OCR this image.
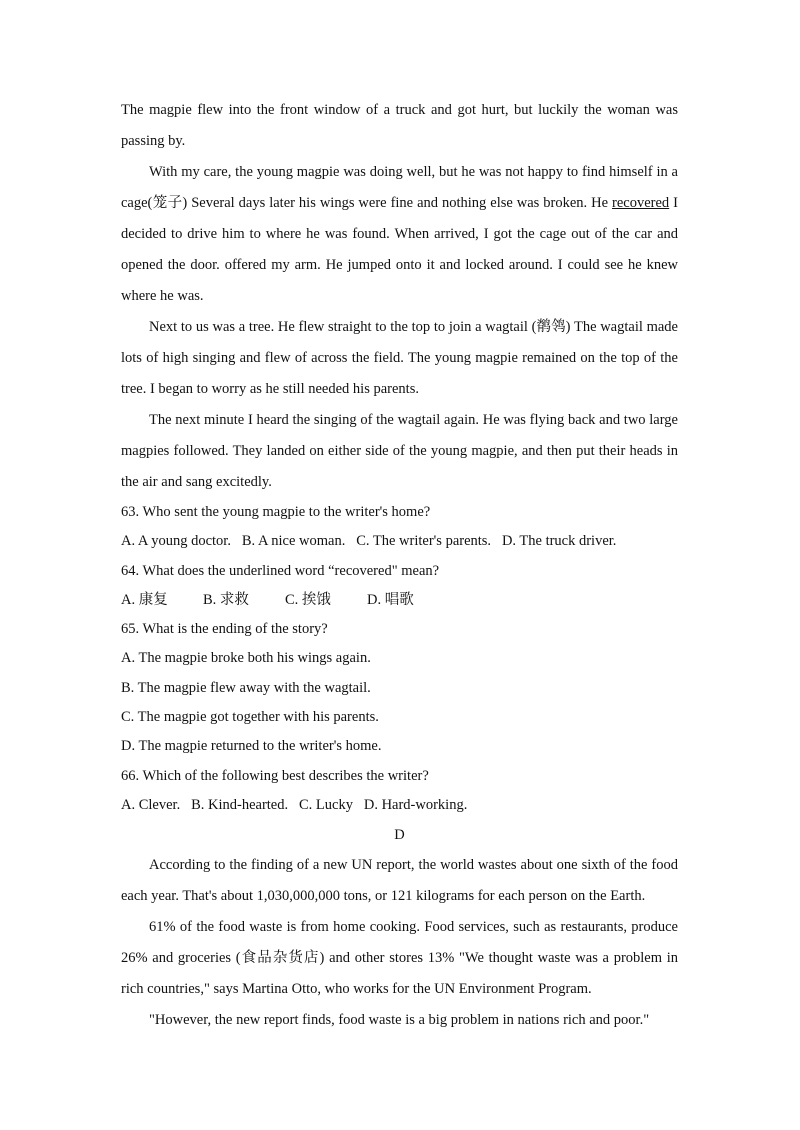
The magpie flew into the front window of a truck and got hurt, but luckily the woman was passing by.

With my care, the young magpie was doing well, but he was not happy to find himself in a cage(笼子) Several days later his wings were fine and nothing else was broken. He recovered I decided to drive him to where he was found. When arrived, I got the cage out of the car and opened the door. offered my arm. He jumped onto it and locked around. I could see he knew where he was.

Next to us was a tree. He flew straight to the top to join a wagtail (鹡鸰) The wagtail made lots of high singing and flew of across the field. The young magpie remained on the top of the tree. I began to worry as he still needed his parents.

The next minute I heard the singing of the wagtail again. He was flying back and two large magpies followed. They landed on either side of the young magpie, and then put their heads in the air and sang excitedly.

63. Who sent the young magpie to the writer's home?

A. A young doctor. B. A nice woman. C. The writer's parents. D. The truck driver.

64. What does the underlined word “recovered" mean?

A. 康复 B. 求救 C. 挨饿 D. 唱歌

65. What is the ending of the story?

A. The magpie broke both his wings again.

B. The magpie flew away with the wagtail.

C. The magpie got together with his parents.

D. The magpie returned to the writer's home.

66. Which of the following best describes the writer?

A. Clever. B. Kind-hearted. C. Lucky D. Hard-working.

D

According to the finding of a new UN report, the world wastes about one sixth of the food each year. That's about 1,030,000,000 tons, or 121 kilograms for each person on the Earth.

61% of the food waste is from home cooking. Food services, such as restaurants, produce 26% and groceries (食品杂货店) and other stores 13% "We thought waste was a problem in rich countries," says Martina Otto, who works for the UN Environment Program.

"However, the new report finds, food waste is a big problem in nations rich and poor."
